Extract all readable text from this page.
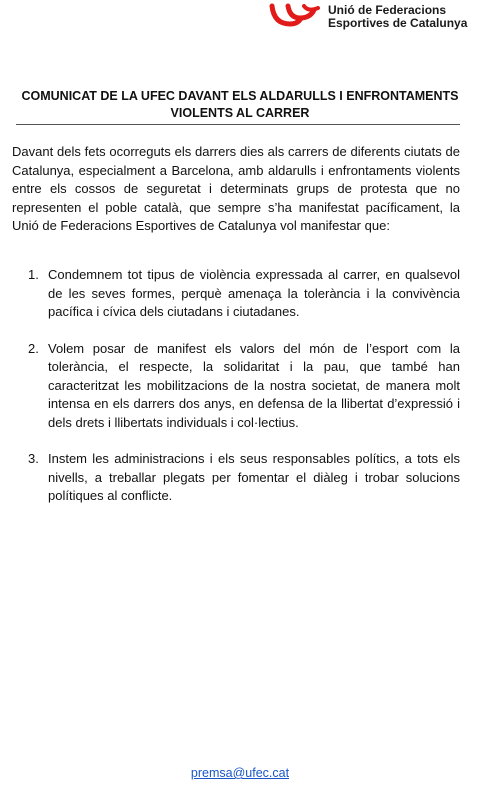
Unió de Federacions
Esportives de Catalunya
COMUNICAT DE LA UFEC DAVANT ELS ALDARULLS I ENFRONTAMENTS
VIOLENTS AL CARRER

Davant dels fets ocorreguts els darrers dies als carrers de diferents ciutats de Catalunya, especialment a Barcelona, amb aldarulls i enfrontaments violents entre els cossos de seguretat i determinats grups de protesta que no representen el poble català, que sempre s’ha manifestat pacíficament, la Unió de Federacions Esportives de Catalunya vol manifestar que:

1. Condemnem tot tipus de violència expressada al carrer, en qualsevol de les seves formes, perquè amenaça la tolerància i la convivència pacífica i cívica dels ciutadans i ciutadanes.
2. Volem posar de manifest els valors del món de l’esport com la tolerància, el respecte, la solidaritat i la pau, que també han caracteritzat les mobilitzacions de la nostra societat, de manera molt intensa en els darrers dos anys, en defensa de la llibertat d’expressió i dels drets i llibertats individuals i col·lectius.
3. Instem les administracions i els seus responsables polítics, a tots els nivells, a treballar plegats per fomentar el diàleg i trobar solucions polítiques al conflicte.
premsa@ufec.cat
